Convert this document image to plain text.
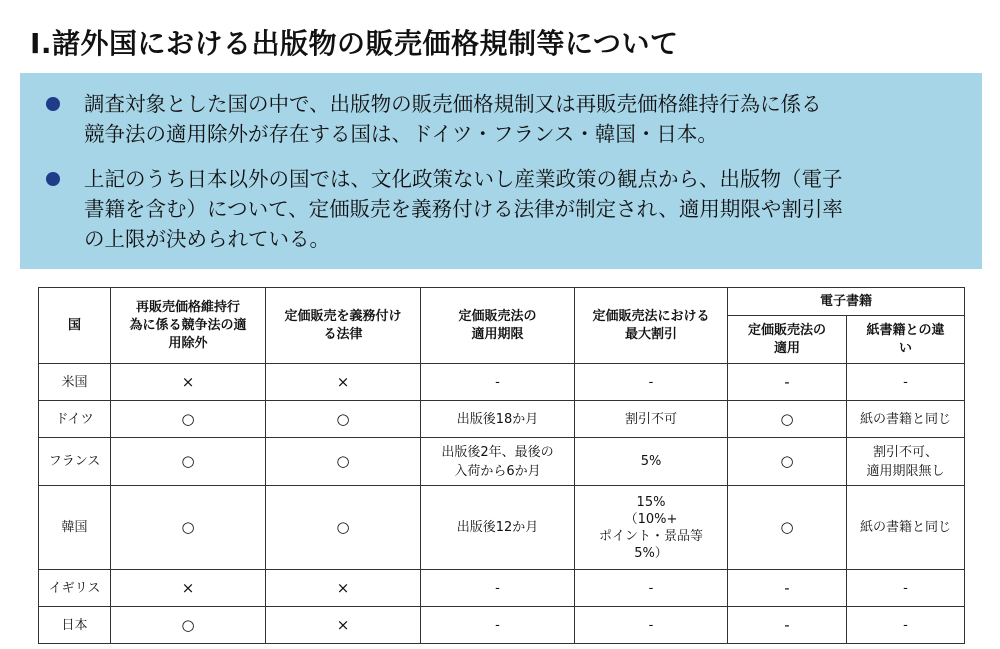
Ⅰ.諸外国における出版物の販売価格規制等について
調査対象とした国の中で、出版物の販売価格規制又は再販売価格維持行為に係る
競争法の適用除外が存在する国は、ドイツ・フランス・韓国・日本。
上記のうち日本以外の国では、文化政策ないし産業政策の観点から、出版物（電子
書籍を含む）について、定価販売を義務付ける法律が制定され、適用期限や割引率
の上限が決められている。
国	再販売価格維持行
為に係る競争法の適
用除外	定価販売を義務付け
る法律	定価販売法の
適用期限	定価販売法における
最大割引	電子書籍	
					定価販売法の
適用	紙書籍との違
い
米国	×	×	-	-	-	-
ドイツ	○	○	出版後18か月	割引不可	○	紙の書籍と同じ
フランス	○	○	出版後2年、最後の
入荷から6か月	5%	○	割引不可、
適用期限無し
韓国	○	○	出版後12か月	15%
（10%+
ポイント・景品等
5%）	○	紙の書籍と同じ
イギリス	×	×	-	-	-	-
日本	○	×	-	-	-	-
